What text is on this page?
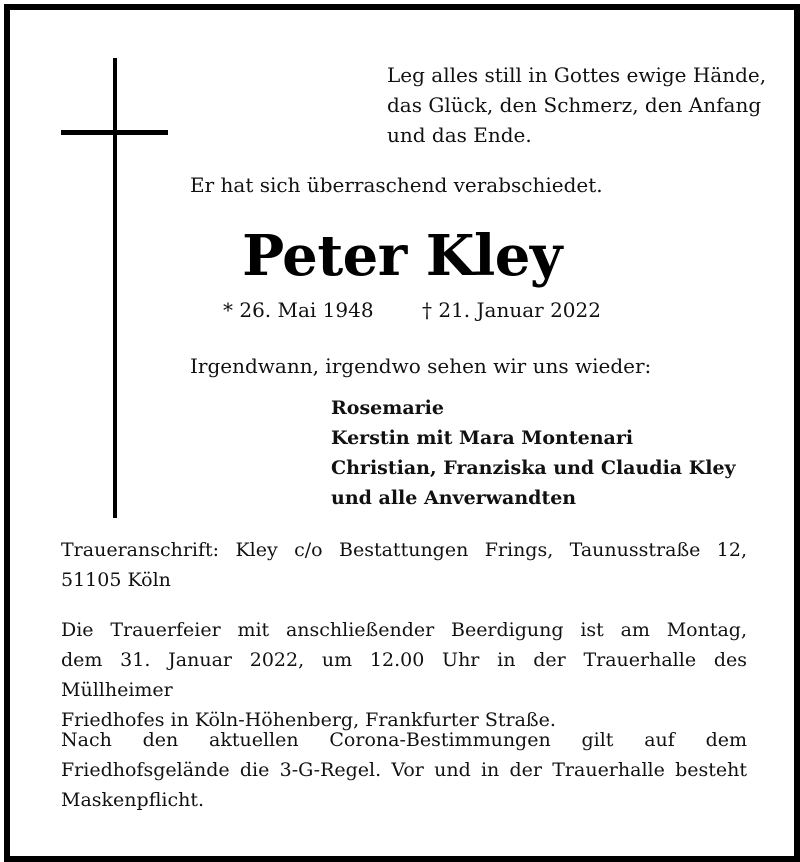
Leg alles still in Gottes ewige Hände,
das Glück, den Schmerz, den Anfang
und das Ende.
Er hat sich überraschend verabschiedet.
Peter Kley
* 26. Mai 1948 † 21. Januar 2022
Irgendwann, irgendwo sehen wir uns wieder:
Rosemarie
Kerstin mit Mara Montenari
Christian, Franziska und Claudia Kley
und alle Anverwandten
Traueranschrift: Kley c/o Bestattungen Frings, Taunusstraße 12,
51105 Köln
Die Trauerfeier mit anschließender Beerdigung ist am Montag,
dem 31. Januar 2022, um 12.00 Uhr in der Trauerhalle des Müllheimer
Friedhofes in Köln-Höhenberg, Frankfurter Straße.
Nach den aktuellen Corona-Bestimmungen gilt auf dem
Friedhofsgelände die 3-G-Regel. Vor und in der Trauerhalle besteht
Maskenpflicht.
